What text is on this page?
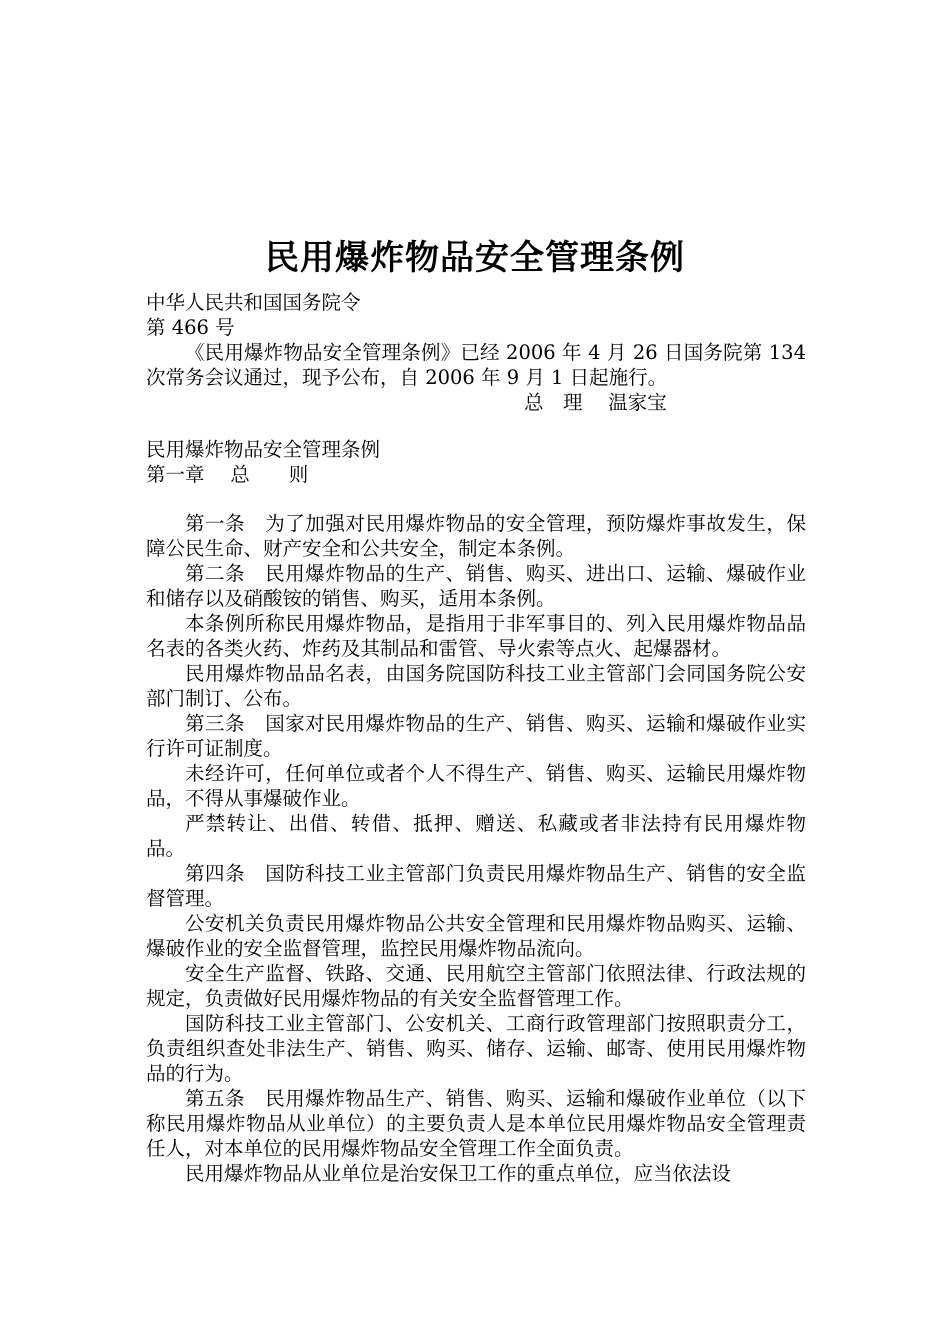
民用爆炸物品安全管理条例

中华人民共和国国务院令

第 466 号

《民用爆炸物品安全管理条例》已经 2006 年 4 月 26 日国务院第 134 次常务会议通过，现予公布，自 2006 年 9 月 1 日起施行。

总　理　 温家宝

民用爆炸物品安全管理条例

第一章　 总　　则

第一条　为了加强对民用爆炸物品的安全管理，预防爆炸事故发生，保障公民生命、财产安全和公共安全，制定本条例。

第二条　民用爆炸物品的生产、销售、购买、进出口、运输、爆破作业和储存以及硝酸铵的销售、购买，适用本条例。

本条例所称民用爆炸物品，是指用于非军事目的、列入民用爆炸物品品名表的各类火药、炸药及其制品和雷管、导火索等点火、起爆器材。

民用爆炸物品品名表，由国务院国防科技工业主管部门会同国务院公安部门制订、公布。

第三条　国家对民用爆炸物品的生产、销售、购买、运输和爆破作业实行许可证制度。

未经许可，任何单位或者个人不得生产、销售、购买、运输民用爆炸物品，不得从事爆破作业。

严禁转让、出借、转借、抵押、赠送、私藏或者非法持有民用爆炸物品。

第四条　国防科技工业主管部门负责民用爆炸物品生产、销售的安全监督管理。

公安机关负责民用爆炸物品公共安全管理和民用爆炸物品购买、运输、爆破作业的安全监督管理，监控民用爆炸物品流向。

安全生产监督、铁路、交通、民用航空主管部门依照法律、行政法规的规定，负责做好民用爆炸物品的有关安全监督管理工作。

国防科技工业主管部门、公安机关、工商行政管理部门按照职责分工，负责组织查处非法生产、销售、购买、储存、运输、邮寄、使用民用爆炸物品的行为。

第五条　民用爆炸物品生产、销售、购买、运输和爆破作业单位（以下称民用爆炸物品从业单位）的主要负责人是本单位民用爆炸物品安全管理责任人，对本单位的民用爆炸物品安全管理工作全面负责。

民用爆炸物品从业单位是治安保卫工作的重点单位，应当依法设
